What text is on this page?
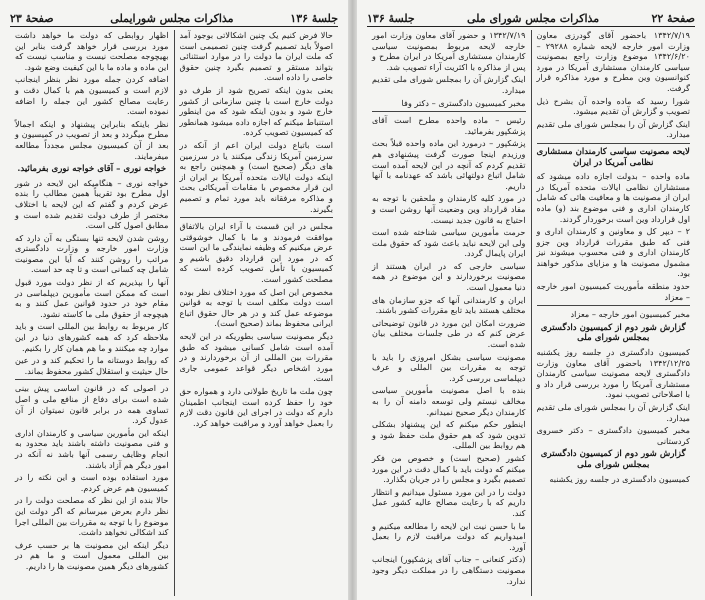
جلسهٔ ۱۳۶
مذاکرات مجلس شورایملی
صفحهٔ ۲۳

حالا فرض کنیم یک چنین اشکالاتی بوجود آمد اصولاً باید تصمیم گرفت چنین تصمیمی است که ملت ایران ما دولت را در موارد استثنائی بتواند مستقر و تصمیم بگیرد چنین حقوق خاصی را داده است.

یعنی بدون اینکه تصریح شود از طرف دو دولت خارج است با چنین سازمانی از کشور خارج شود و بدون اینکه شود که من اینطور استنباط میکنم که اجازه داده میشود همانطور که کمیسیون تصویب کرده.

است باتباع دولت ایران اعم از آنکه در سرزمین آمریکا زندگی میکنند یا در سرزمین های دیگر (صحیح است) و همچنین راجع به اینکه دولت ایالات متحده آمریکا بر ایران از این قرار مخصوص با مقامات آمریکائی بحث و مذاکره مرفقانه باید مورد تمام و تصمیم بگیرند.

مجلس در این قسمت با آراء ایران بالاتفاق موافقت فرمودند و ما با کمال خوشوقتی عرض میکنیم که وظیفه نمایندگی ما این است که در مورد این قرارداد دقیق باشیم و کمیسیون با تأمل تصویب کرده است که مصلحت کشور است.

مخصوص این اصل که مورد اختلاف نظر بوده است دولت مکلف است با توجه به قوانین موضوعه عمل کند و در هر حال حقوق اتباع ایرانی محفوظ بماند (صحیح است).

دیگر مصونیت سیاسی بطوریکه در این لایحه آمده است شامل کسانی میشود که طبق مقررات بین المللی از آن برخوردارند و در مورد اشخاص دیگر قواعد عمومی جاری است.

چون ملت ما تاریخ طولانی دارد و همواره حق خود را حفظ کرده است اینجانب اطمینان دارم که دولت در اجرای این قانون دقت لازم را بعمل خواهد آورد و مراقبت خواهد کرد.

اظهار روابطی که دولت ما خواهد داشت مورد بررسی قرار خواهد گرفت بنابر این بهیچوجه مصلحت نیست و مناسب نیست که این ماده و ماده ما با این کیفیت وضع شود.

اضافه کردن جمله مورد نظر بنظر اینجانب لازم است و کمیسیون هم با کمال دقت و رعایت مصالح کشور این جمله را اضافه نموده است.

نظر باینکه بنابراین پیشنهاد و اینکه اجمالاً مطرح میگردد و بعد از تصویب در کمیسیون و بعد از آن کمیسیون مجلس مجدداً مطالعه میفرمایند.

خواجه نوری – آقای خواجه نوری بفرمائید.

خواجه نوری – هنگامیکه این لایحه در شور اول مطرح بود تقریباً همین مطالب را بنده عرض کردم و گفتم که این لایحه با اختلاف مختصر از طرف دولت تقدیم شده است و مطابق اصول کلی است.

روشن شدن لایحه تنها بستگی به آن دارد که وزارت امور خارجه و وزارت دادگستری مراتب را روشن کنند که آیا این مصونیت شامل چه کسانی است و تا چه حد است.

آنها را بپذیریم که از نظر دولت مورد قبول است که ممکن است مأمورین دیپلماسی در مقام خود در حدود قوانین عمل کنند و به هیچوجه از حقوق ملی ما کاسته نشود.

کار مربوط به روابط بین المللی است و باید ملاحظه کرد که همه کشورهای دنیا در این موارد چه میکنند و ما هم همان کار را بکنیم.

که روابط دوستانه ما را تحکیم کند و در عین حال حیثیت و استقلال کشور محفوظ بماند.

در اصولی که در قانون اساسی پیش بینی شده است برای دفاع از منافع ملی و اصل تساوی همه در برابر قانون نمیتوان از آن عدول کرد.

اینکه این مأمورین سیاسی و کارمندان اداری و فنی مصونیت داشته باشند باید محدود به انجام وظایف رسمی آنها باشد نه آنکه در امور دیگر هم آزاد باشند.

مورد استفاده بوده است و این نکته را در کمیسیون هم عرض کردم.

حالا بنده از این نظر که مصلحت دولت را در نظر دارم بعرض میرسانم که اگر دولت این موضوع را با توجه به مقررات بین المللی اجرا کند اشکالی نخواهد داشت.

دیگر اینکه این مصونیت ها بر حسب عرف بین المللی معمول است و ما هم در کشورهای دیگر همین مصونیت ها را داریم.

صفحهٔ ۲۲
مذاکرات مجلس شورای ملی
جلسهٔ ۱۳۶

۱۳۴۲/۷/۱۹ باحضور آقای گودرزی معاون وزارت امور خارجه لایحه شماره ۲۹۲۸۸ – ۱۳۴۲/۶/۲۰ موضوع وزارت راجع بمصونیت سیاسی کارمندان مستشاری آمریکا در مورد کنوانسیون وین مطرح و مورد مذاکره قرار گرفت.

شورا رسید که ماده واحده آن بشرح ذیل تصویب و گزارش آن تقدیم میشود.

اینک گزارش آن را بمجلس شورای ملی تقدیم میدارد.

لایحه مصونیت سیاسی کارمندان مستشاری نظامی آمریکا در ایران

ماده واحده – بدولت اجازه داده میشود که مستشاران نظامی ایالات متحده آمریکا در ایران از مصونیت ها و معافیت هائی که شامل کارمندان اداری و فنی موضوع بند (و) ماده اول قرارداد وین است برخوردار گردند.

۲ – دیپر کل و معاونین و کارمندان اداری و فنی که طبق مقررات قرارداد وین جزو کارمندان اداری و فنی محسوب میشوند نیز مشمول مصونیت ها و مزایای مذکور خواهند بود.

حدود منطقه مأموریت کمیسیون امور خارجه – معزاد

مخبر کمیسیون امور خارجه – معزاد

گزارش شور دوم از کمیسیون دادگستری بمجلس شورای ملی

کمیسیون دادگستری در جلسه روز یکشنبه ۱۳۴۲/۱۲/۲۵ باحضور آقای معاون وزارت دادگستری لایحه مصونیت سیاسی کارمندان مستشاری آمریکا را مورد بررسی قرار داد و با اصلاحاتی تصویب نمود.

اینک گزارش آن را بمجلس شورای ملی تقدیم میدارد.

مخبر کمیسیون دادگستری – دکتر خسروی کردستانی

گزارش شور دوم از کمیسیون دادگستری بمجلس شورای ملی

کمیسیون دادگستری در جلسه روز یکشنبه

۱۳۴۲/۷/۱۹ و حضور آقای معاون وزارت امور خارجه لایحه مربوط بمصونیت سیاسی کارمندان مستشاری آمریکا در ایران مطرح و پس از مذاکره با اکثریت آراء تصویب شد.

اینک گزارش آن را بمجلس شورای ملی تقدیم میدارد.

مخبر کمیسیون دادگستری – دکتر وفا

رئیس – ماده واحده مطرح است آقای پزشکپور بفرمائید.

پزشکپور – درمورد این ماده واحده قبلاً بحث ورزیدم اینجا صورت گرفت پیشنهادی هم تقدیم کردم که آنچه در این لایحه آمده است شامل اتباع دولتهائی باشد که عهدنامه با آنها داریم.

در مورد کلیه کارمندان و ملحقین با توجه به مفاد قرارداد وین وضعیت آنها روشن است و احتیاج به قانون جدید نیست.

حرمت مأمورین سیاسی شناخته شده است ولی این لایحه نباید باعث شود که حقوق ملت ایران پایمال گردد.

سیاسی خارجی که در ایران هستند از مصونیت برخوردارند و این موضوع در همه دنیا معمول است.

ایران و کارمندانی آنها که جزو سازمان های مختلف هستند باید تابع مقررات کشور باشند.

ضرورت امکان این مورد در قانون توضیحاتی عرض کنم که در طی جلسات مختلف بیان شده است.

مصونیت سیاسی بشکل امروزی را باید با توجه به مقررات بین المللی و عرف دیپلماسی بررسی کرد.

بنده با اصل مصونیت مأمورین سیاسی مخالف نیستم ولی توسعه دامنه آن را به کارمندان دیگر صحیح نمیدانم.

اینطور حکم میکنم که این پیشنهاد بشکلی تدوین شود که هم حقوق ملت حفظ شود و هم روابط بین المللی.

کشور (صحیح است) و خصوص من فکر میکنم که دولت باید با کمال دقت در این مورد تصمیم بگیرد و مجلس را در جریان بگذارد.

دولت را در این مورد مسئول میدانیم و انتظار داریم که با رعایت مصالح عالیه کشور عمل کند.

ما با حسن نیت این لایحه را مطالعه میکنیم و امیدواریم که دولت مراقبت لازم را بعمل آورد.

(دکتر کنعانی – جناب آقای پزشکپور) اینجانب مصونیت دستگاهی را در مملکت دیگر وجود ندارد.
